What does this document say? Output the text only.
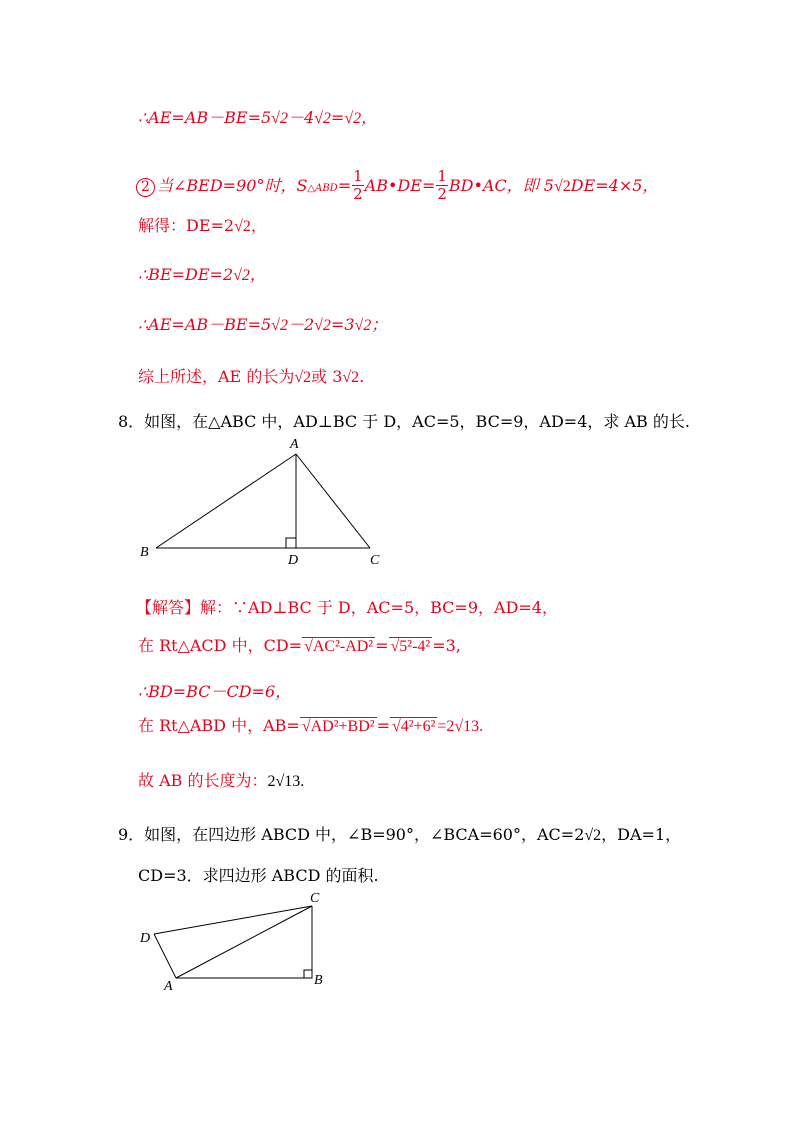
∴AE=AB－BE=5√2－4√2=√2，
2 当∠BED=90°时，S△ABD= $\frac{1}{2}$ AB•DE= $\frac{1}{2}$ BD•AC，即 5√2DE=4×5，
解得：DE=2√2，
∴BE=DE=2√2，
∴AE=AB－BE=5√2－2√2=3√2；
综上所述，AE 的长为√2或 3√2.
8．如图，在△ABC 中，AD⊥BC 于 D，AC=5，BC=9，AD=4，求 AB 的长.
A
B
C
D
【解答】解：∵AD⊥BC 于 D，AC=5，BC=9，AD=4，
在 Rt△ACD 中，CD= √AC²-AD² = √5²-4² =3,
∴BD=BC－CD=6，
在 Rt△ABD 中，AB= √AD²+BD² = √4²+6² =2√13.
故 AB 的长度为：2√13.
9．如图，在四边形 ABCD 中，∠B=90°，∠BCA=60°，AC=2√2，DA=1，
CD=3．求四边形 ABCD 的面积.
C
D
A	B
